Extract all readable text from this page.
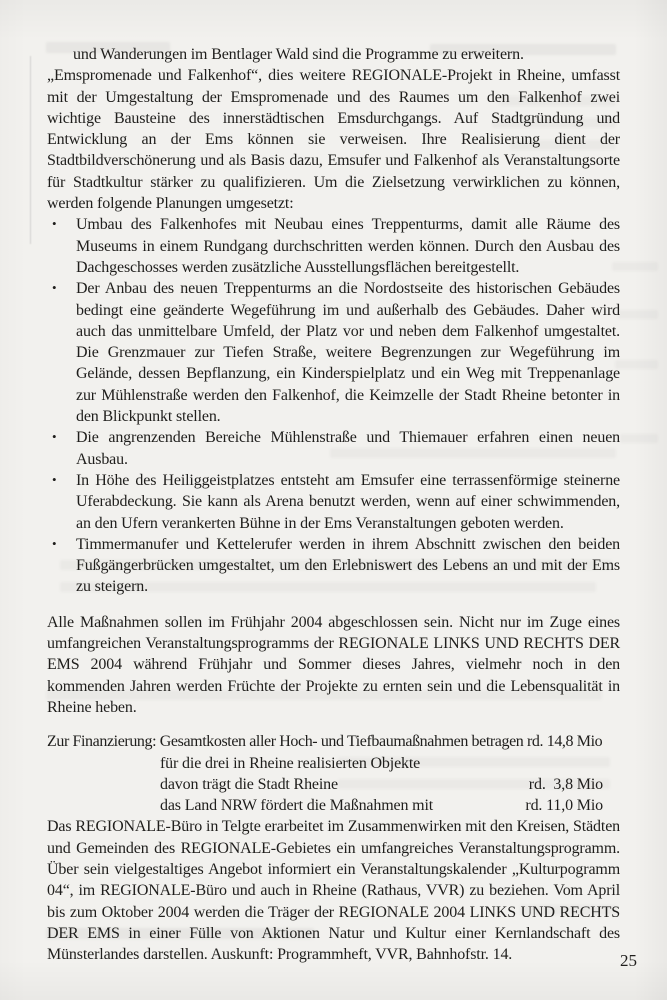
und Wanderungen im Bentlager Wald sind die Programme zu erweitern.

„Emspromenade und Falkenhof“, dies weitere REGIONALE-Projekt in Rheine, umfasst mit der Umgestaltung der Emspromenade und des Raumes um den Falkenhof zwei wichtige Bausteine des innerstädtischen Emsdurchgangs. Auf Stadtgründung und Entwicklung an der Ems können sie verweisen. Ihre Realisierung dient der Stadtbildverschönerung und als Basis dazu, Emsufer und Falkenhof als Veranstaltungsorte für Stadtkultur stärker zu qualifizieren. Um die Zielsetzung verwirklichen zu können, werden folgende Planungen umgesetzt:

• Umbau des Falkenhofes mit Neubau eines Treppenturms, damit alle Räume des Museums in einem Rundgang durchschritten werden können. Durch den Ausbau des Dachgeschosses werden zusätzliche Ausstellungsflächen bereitgestellt.
• Der Anbau des neuen Treppenturms an die Nordostseite des historischen Gebäudes bedingt eine geänderte Wegeführung im und außerhalb des Gebäudes. Daher wird auch das unmittelbare Umfeld, der Platz vor und neben dem Falkenhof umgestaltet. Die Grenzmauer zur Tiefen Straße, weitere Begrenzungen zur Wegeführung im Gelände, dessen Bepflanzung, ein Kinderspielplatz und ein Weg mit Treppenanlage zur Mühlenstraße werden den Falkenhof, die Keimzelle der Stadt Rheine betonter in den Blickpunkt stellen.
• Die angrenzenden Bereiche Mühlenstraße und Thiemauer erfahren einen neuen Ausbau.
• In Höhe des Heiliggeistplatzes entsteht am Emsufer eine terrassenförmige steinerne Uferabdeckung. Sie kann als Arena benutzt werden, wenn auf einer schwimmenden, an den Ufern verankerten Bühne in der Ems Veranstaltungen geboten werden.
• Timmermanufer und Kettelerufer werden in ihrem Abschnitt zwischen den beiden Fußgängerbrücken umgestaltet, um den Erlebniswert des Lebens an und mit der Ems zu steigern.

Alle Maßnahmen sollen im Frühjahr 2004 abgeschlossen sein. Nicht nur im Zuge eines umfangreichen Veranstaltungsprogramms der REGIONALE LINKS UND RECHTS DER EMS 2004 während Frühjahr und Sommer dieses Jahres, vielmehr noch in den kommenden Jahren werden Früchte der Projekte zu ernten sein und die Lebensqualität in Rheine heben.

Zur Finanzierung: Gesamtkosten aller Hoch- und Tiefbaumaßnahmen betragen rd. 14,8 Mio
für die drei in Rheine realisierten Objekte
davon trägt die Stadt Rheine	rd.  3,8 Mio
das Land NRW fördert die Maßnahmen mit	rd. 11,0 Mio

Das REGIONALE-Büro in Telgte erarbeitet im Zusammenwirken mit den Kreisen, Städten und Gemeinden des REGIONALE-Gebietes ein umfangreiches Veranstaltungsprogramm. Über sein vielgestaltiges Angebot informiert ein Veranstaltungskalender „Kulturpogramm 04“, im REGIONALE-Büro und auch in Rheine (Rathaus, VVR) zu beziehen. Vom April bis zum Oktober 2004 werden die Träger der REGIONALE 2004 LINKS UND RECHTS DER EMS in einer Fülle von Aktionen Natur und Kultur einer Kernlandschaft des Münsterlandes darstellen. Auskunft: Programmheft, VVR, Bahnhofstr. 14.	25
